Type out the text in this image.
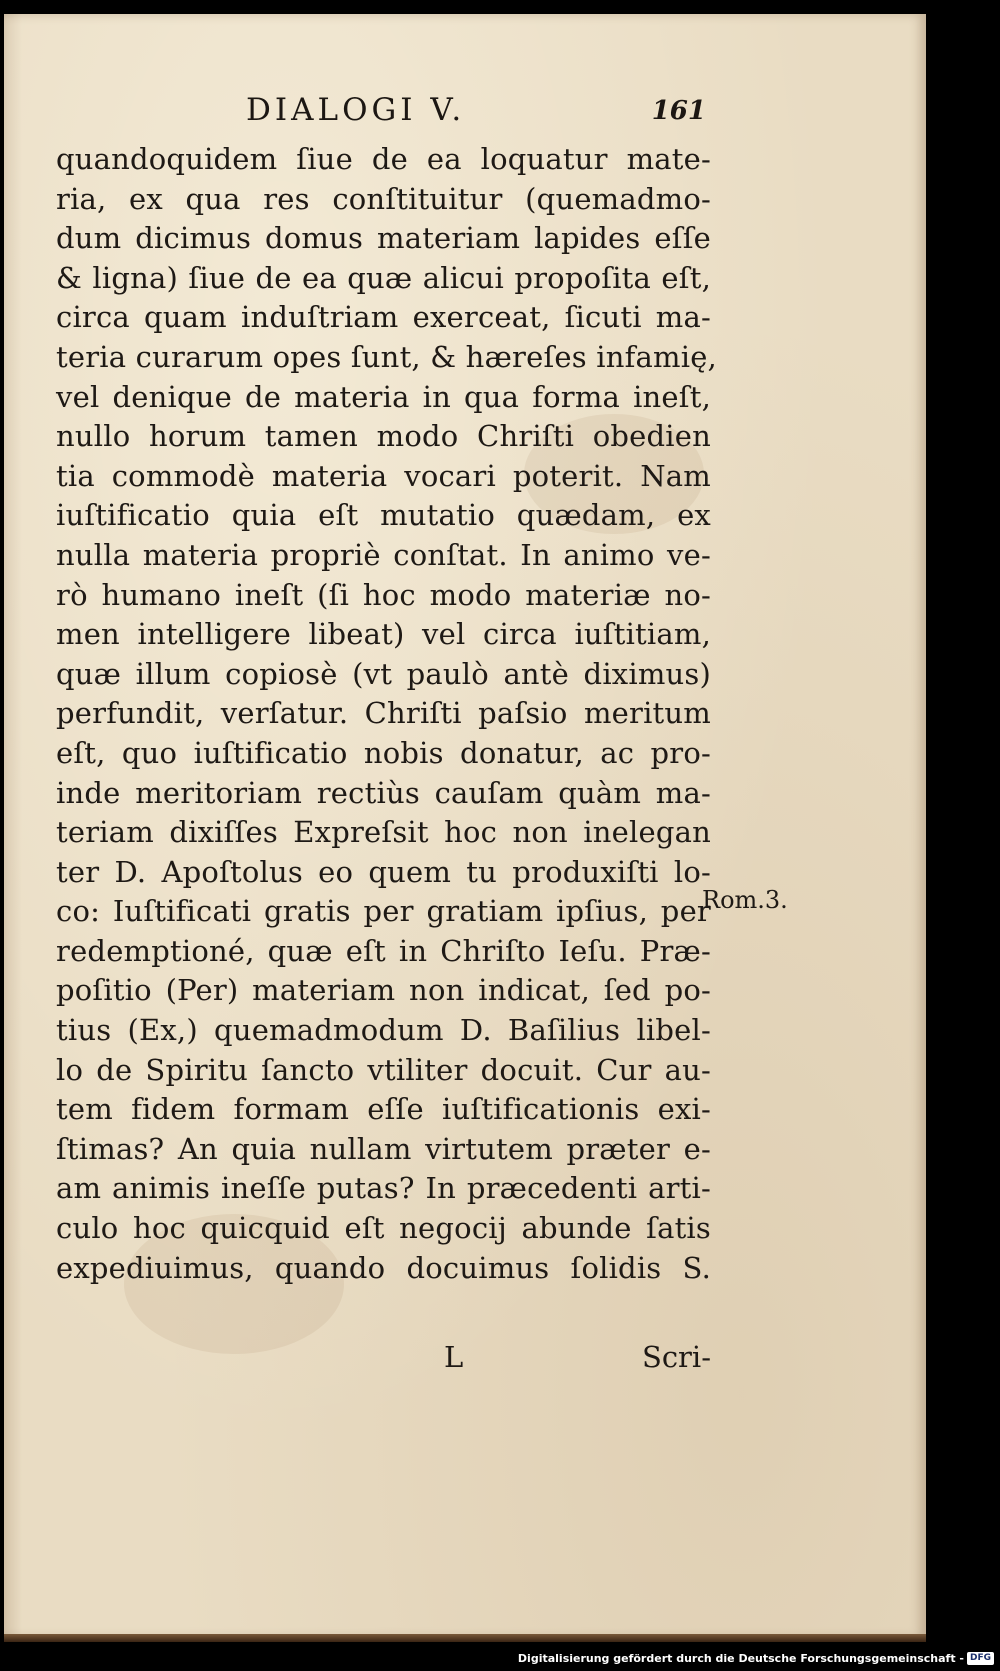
DIALOGI V.	161
quandoquidem ſiue de ea loquatur mate-
ria, ex qua res conſtituitur (quemadmo-
dum dicimus domus materiam lapides eſſe
& ligna) ſiue de ea quæ alicui propoſita eſt,
circa quam induſtriam exerceat, ſicuti ma-
teria curarum opes ſunt, & hæreſes infamię,
vel denique de materia in qua forma ineſt,
nullo horum tamen modo Chriſti obedien
tia commodè materia vocari poterit. Nam
iuſtificatio quia eſt mutatio quædam, ex
nulla materia propriè conſtat. In animo ve-
rò humano ineſt (ſi hoc modo materiæ no-
men intelligere libeat) vel circa iuſtitiam,
quæ illum copiosè (vt paulò antè diximus)
perfundit, verſatur. Chriſti paſsio meritum
eſt, quo iuſtificatio nobis donatur, ac pro-
inde meritoriam rectiùs cauſam quàm ma-
teriam dixiſſes Expreſsit hoc non inelegan
ter D. Apoſtolus eo quem tu produxiſti lo-
co: Iuſtificati gratis per gratiam ipſius, per
redemptioné, quæ eſt in Chriſto Ieſu. Præ-
poſitio (Per) materiam non indicat, ſed po-
tius (Ex,) quemadmodum D. Baſilius libel-
lo de Spiritu ſancto vtiliter docuit. Cur au-
tem fidem formam eſſe iuſtificationis exi-
ſtimas? An quia nullam virtutem præter e-
am animis ineſſe putas? In præcedenti arti-
culo hoc quicquid eſt negocij abunde ſatis
expediuimus, quando docuimus ſolidis S.
Rom.3.
L	Scri-
Digitalisierung gefördert durch die Deutsche Forschungsgemeinschaft - DFG
